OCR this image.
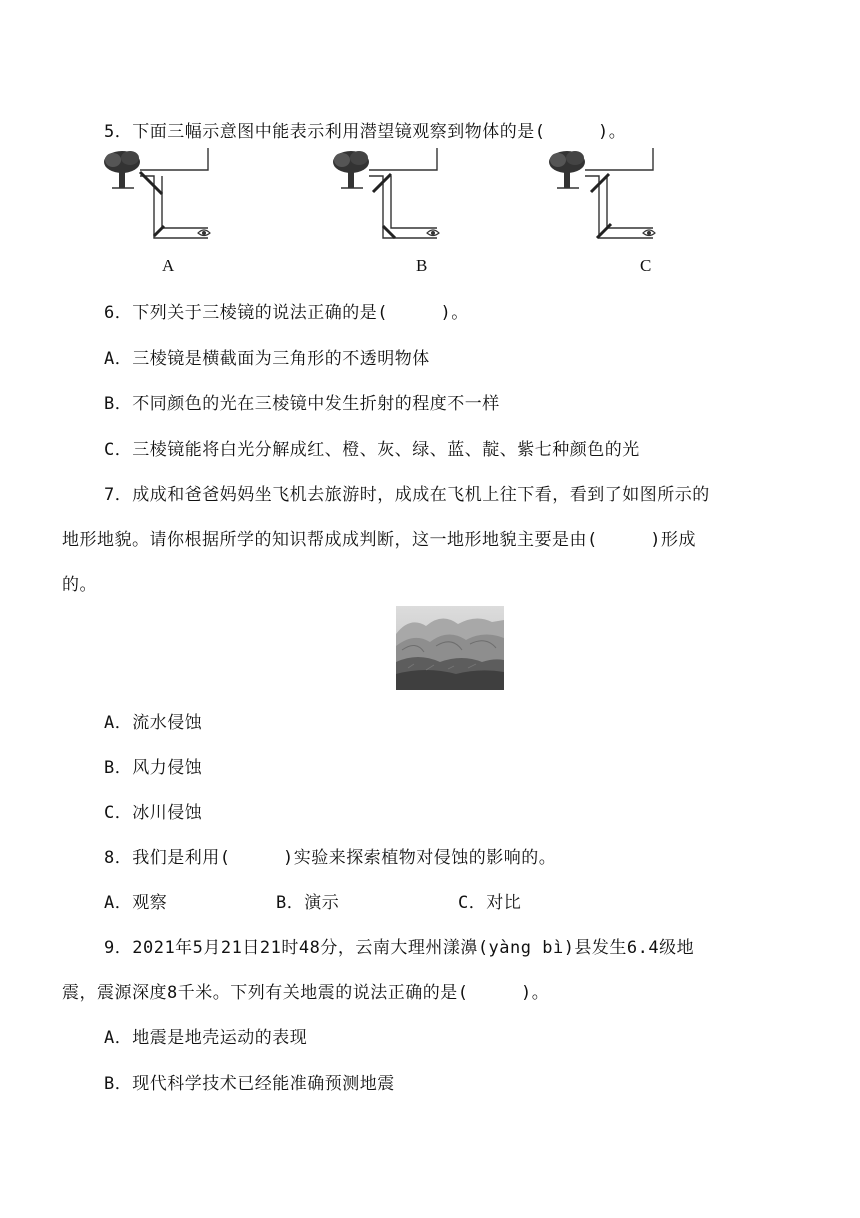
5．下面三幅示意图中能表示利用潜望镜观察到物体的是(　　　)。
A	B	C
6．下列关于三棱镜的说法正确的是(　　　)。
A．三棱镜是横截面为三角形的不透明物体
B．不同颜色的光在三棱镜中发生折射的程度不一样
C．三棱镜能将白光分解成红、橙、灰、绿、蓝、靛、紫七种颜色的光
7．成成和爸爸妈妈坐飞机去旅游时，成成在飞机上往下看，看到了如图所示的
地形地貌。请你根据所学的知识帮成成判断，这一地形地貌主要是由(　　　)形成
的。
A．流水侵蚀
B．风力侵蚀
C．冰川侵蚀
8．我们是利用(　　　)实验来探索植物对侵蚀的影响的。
A．观察	B．演示	C．对比
9．2021年5月21日21时48分，云南大理州漾濞(yàng bì)县发生6.4级地
震，震源深度8千米。下列有关地震的说法正确的是(　　　)。
A．地震是地壳运动的表现
B．现代科学技术已经能准确预测地震
